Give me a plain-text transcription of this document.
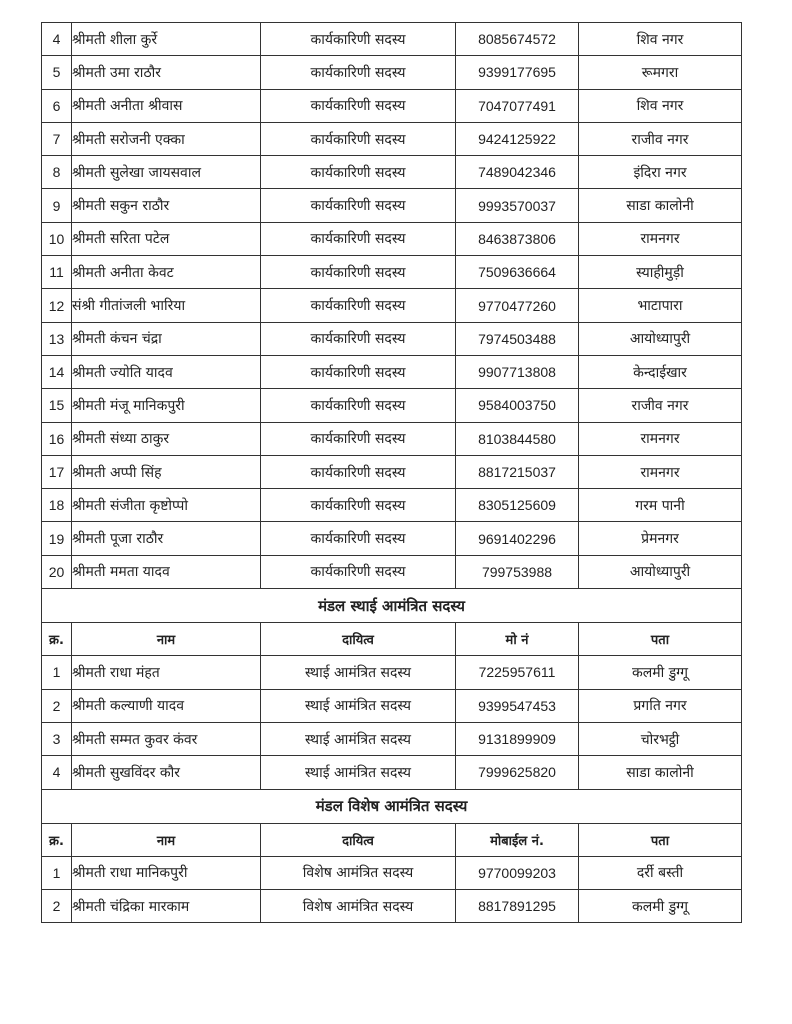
4	श्रीमती शीला कुर्रे	कार्यकारिणी सदस्य	8085674572	शिव नगर
5	श्रीमती उमा राठौर	कार्यकारिणी सदस्य	9399177695	रूमगरा
6	श्रीमती अनीता श्रीवास	कार्यकारिणी सदस्य	7047077491	शिव नगर
7	श्रीमती सरोजनी एक्का	कार्यकारिणी सदस्य	9424125922	राजीव नगर
8	श्रीमती सुलेखा जायसवाल	कार्यकारिणी सदस्य	7489042346	इंदिरा नगर
9	श्रीमती सकुन राठौर	कार्यकारिणी सदस्य	9993570037	साडा कालोनी
10	श्रीमती सरिता पटेल	कार्यकारिणी सदस्य	8463873806	रामनगर
11	श्रीमती अनीता केवट	कार्यकारिणी सदस्य	7509636664	स्याहीमुड़ी
12	संश्री गीतांजली भारिया	कार्यकारिणी सदस्य	9770477260	भाटापारा
13	श्रीमती कंचन चंद्रा	कार्यकारिणी सदस्य	7974503488	आयोध्यापुरी
14	श्रीमती ज्योति यादव	कार्यकारिणी सदस्य	9907713808	केन्दाईखार
15	श्रीमती मंजू मानिकपुरी	कार्यकारिणी सदस्य	9584003750	राजीव नगर
16	श्रीमती संध्या ठाकुर	कार्यकारिणी सदस्य	8103844580	रामनगर
17	श्रीमती अप्पी सिंह	कार्यकारिणी सदस्य	8817215037	रामनगर
18	श्रीमती संजीता कृष्टोप्पो	कार्यकारिणी सदस्य	8305125609	गरम पानी
19	श्रीमती पूजा राठौर	कार्यकारिणी सदस्य	9691402296	प्रेमनगर
20	श्रीमती ममता यादव	कार्यकारिणी सदस्य	799753988	आयोध्यापुरी
मंडल स्थाई आमंत्रित सदस्य				
क्र.	नाम	दायित्व	मो नं	पता
1	श्रीमती राधा मंहत	स्थाई आमंत्रित सदस्य	7225957611	कलमी डुग्गू
2	श्रीमती कल्याणी यादव	स्थाई आमंत्रित सदस्य	9399547453	प्रगति नगर
3	श्रीमती सम्मत कुवर कंवर	स्थाई आमंत्रित सदस्य	9131899909	चोरभट्ठी
4	श्रीमती सुखविंदर कौर	स्थाई आमंत्रित सदस्य	7999625820	साडा कालोनी
मंडल विशेष आमंत्रित सदस्य				
क्र.	नाम	दायित्व	मोबाईल नं.	पता
1	श्रीमती राधा मानिकपुरी	विशेष आमंत्रित सदस्य	9770099203	दर्री बस्ती
2	श्रीमती चंद्रिका मारकाम	विशेष आमंत्रित सदस्य	8817891295	कलमी डुग्गू
